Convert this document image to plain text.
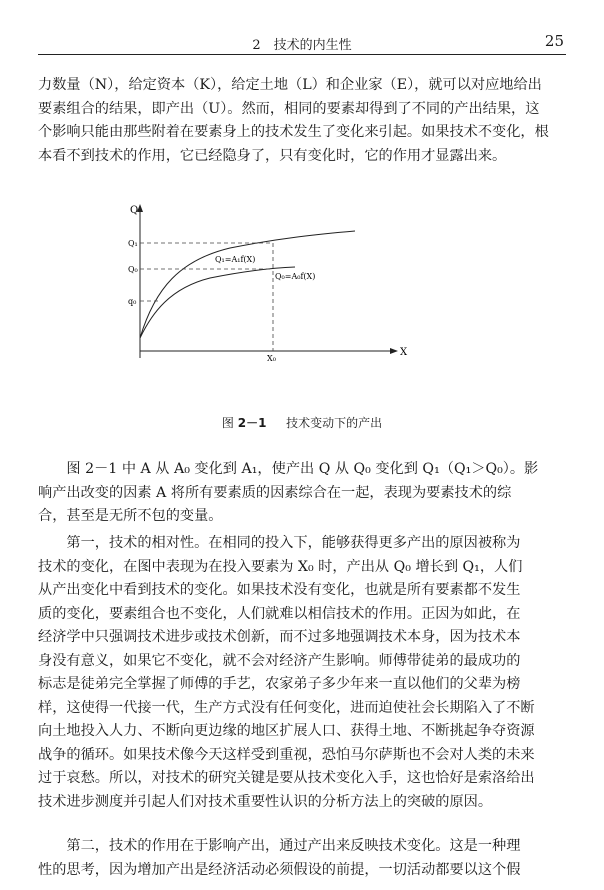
2　技术的内生性	25
力数量（N），给定资本（K），给定土地（L）和企业家（E），就可以对应地给出
要素组合的结果，即产出（U）。然而，相同的要素却得到了不同的产出结果，这
个影响只能由那些附着在要素身上的技术发生了变化来引起。如果技术不变化，根
本看不到技术的作用，它已经隐身了，只有变化时，它的作用才显露出来。
Q
X
Q₁
Q₀
q₀
X₀
Q₁=A₁f(X)
Q₀=A₀f(X)
图 2－1 　 技术变动下的产出
图 2－1 中 A 从 A₀ 变化到 A₁，使产出 Q 从 Q₀ 变化到 Q₁（Q₁＞Q₀）。影
响产出改变的因素 A 将所有要素质的因素综合在一起，表现为要素技术的综
合，甚至是无所不包的变量。
第一，技术的相对性。在相同的投入下，能够获得更多产出的原因被称为
技术的变化，在图中表现为在投入要素为 X₀ 时，产出从 Q₀ 增长到 Q₁，人们
从产出变化中看到技术的变化。如果技术没有变化，也就是所有要素都不发生
质的变化，要素组合也不变化，人们就难以相信技术的作用。正因为如此，在
经济学中只强调技术进步或技术创新，而不过多地强调技术本身，因为技术本
身没有意义，如果它不变化，就不会对经济产生影响。师傅带徒弟的最成功的
标志是徒弟完全掌握了师傅的手艺，农家弟子多少年来一直以他们的父辈为榜
样，这使得一代接一代，生产方式没有任何变化，进而迫使社会长期陷入了不断
向土地投入人力、不断向更边缘的地区扩展人口、获得土地、不断挑起争夺资源
战争的循环。如果技术像今天这样受到重视，恐怕马尔萨斯也不会对人类的未来
过于哀愁。所以，对技术的研究关键是要从技术变化入手，这也恰好是索洛给出
技术进步测度并引起人们对技术重要性认识的分析方法上的突破的原因。
第二，技术的作用在于影响产出，通过产出来反映技术变化。这是一种理
性的思考，因为增加产出是经济活动必须假设的前提，一切活动都要以这个假
